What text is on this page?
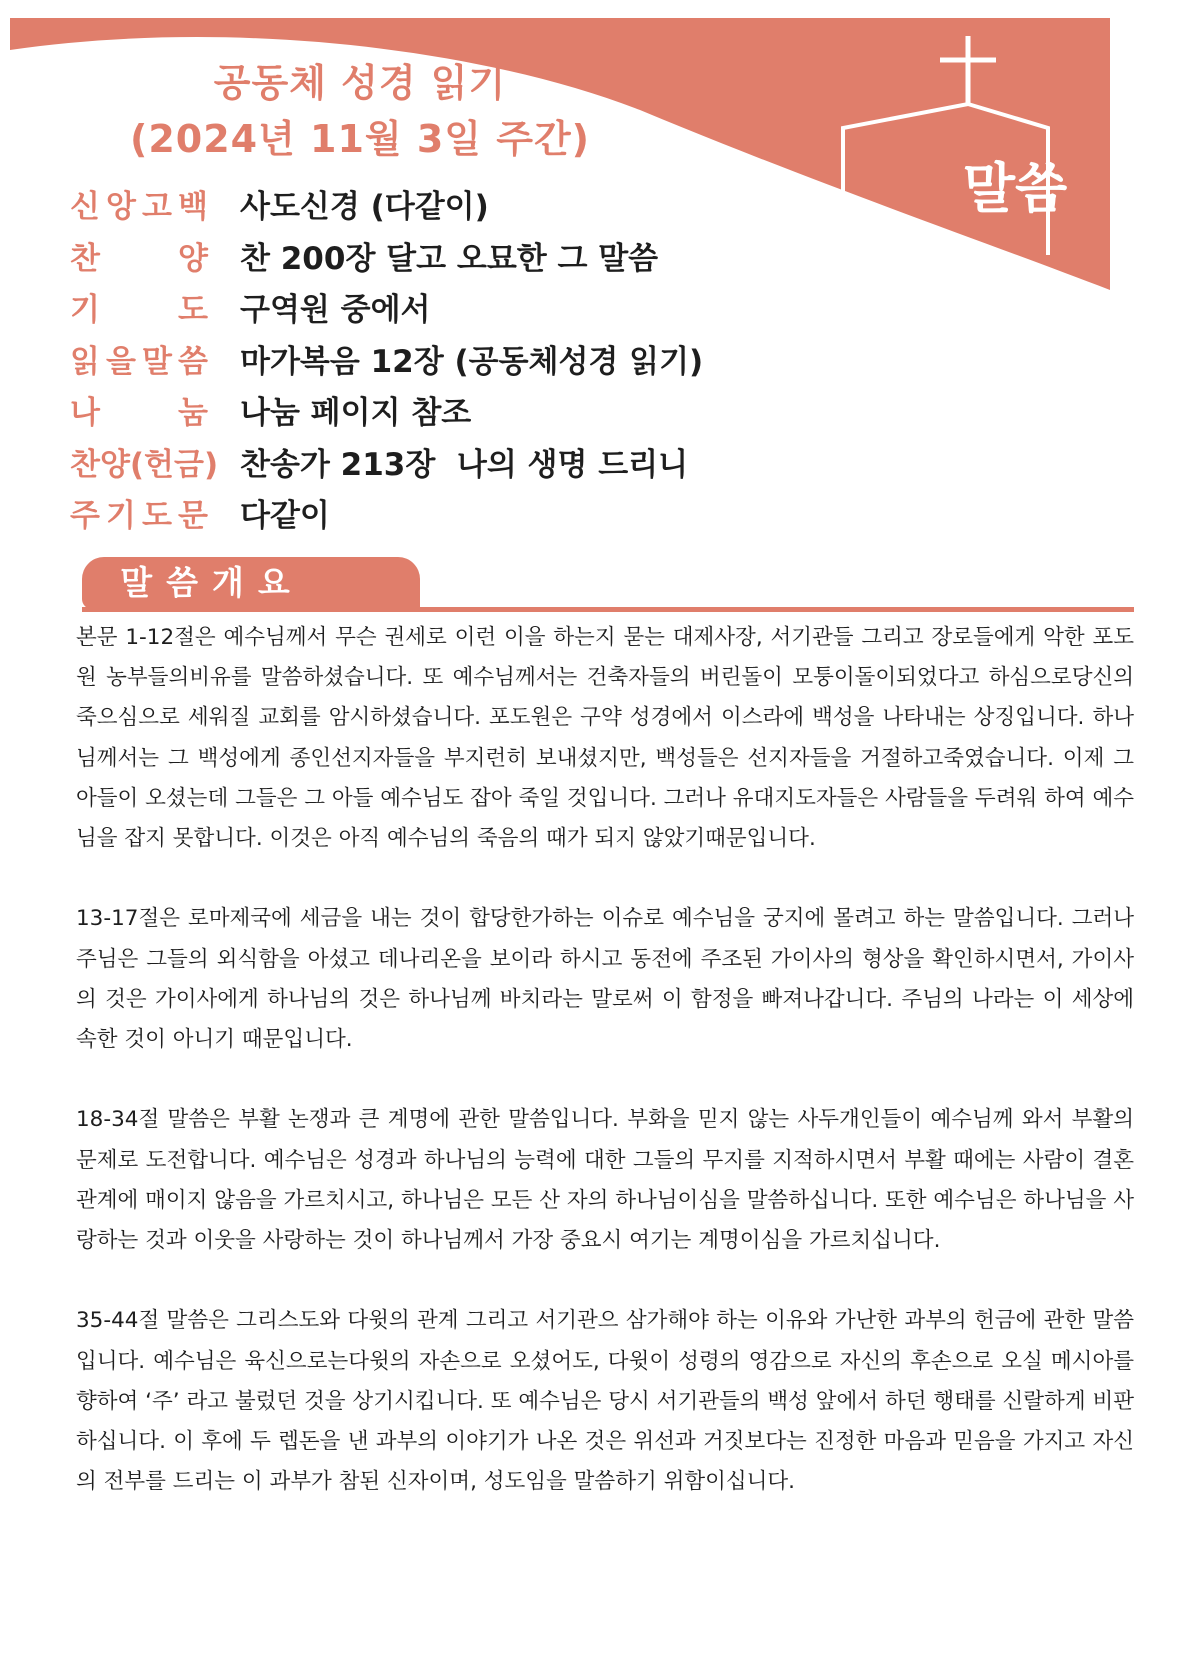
공동체 성경 읽기
(2024년 11월 3일 주간)
말씀
신 앙 고 백 사도신경 (다같이)
찬	양 찬 200장 달고 오묘한 그 말씀
기	도 구역원 중에서
읽 을 말 씀 마가복음 12장 (공동체성경 읽기)
나	눔 나눔 페이지 참조
찬양(헌금) 찬송가 213장  나의 생명 드리니
주 기 도 문 다같이
말씀개요

본문 1-12절은 예수님께서 무슨 권세로 이런 이을 하는지 묻는 대제사장, 서기관들 그리고 장로들에게 악한 포도원 농부들의비유를 말씀하셨습니다. 또 예수님께서는 건축자들의 버린돌이 모퉁이돌이되었다고 하심으로당신의 죽으심으로 세워질 교회를 암시하셨습니다. 포도원은 구약 성경에서 이스라에 백성을 나타내는 상징입니다. 하나님께서는 그 백성에게 종인선지자들을 부지런히 보내셨지만, 백성들은 선지자들을 거절하고죽였습니다. 이제 그 아들이 오셨는데 그들은 그 아들 예수님도 잡아 죽일 것입니다. 그러나 유대지도자들은 사람들을 두려워 하여 예수님을 잡지 못합니다. 이것은 아직 예수님의 죽음의 때가 되지 않았기때문입니다.

13-17절은 로마제국에 세금을 내는 것이 합당한가하는 이슈로 예수님을 궁지에 몰려고 하는 말씀입니다. 그러나 주님은 그들의 외식함을 아셨고 데나리온을 보이라 하시고 동전에 주조된 가이사의 형상을 확인하시면서, 가이사의 것은 가이사에게 하나님의 것은 하나님께 바치라는 말로써 이 함정을 빠져나갑니다. 주님의 나라는 이 세상에 속한 것이 아니기 때문입니다.

18-34절 말씀은 부활 논쟁과 큰 계명에 관한 말씀입니다. 부화을 믿지 않는 사두개인들이 예수님께 와서 부활의 문제로 도전합니다. 예수님은 성경과 하나님의 능력에 대한 그들의 무지를 지적하시면서 부활 때에는 사람이 결혼관계에 매이지 않음을 가르치시고, 하나님은 모든 산 자의 하나님이심을 말씀하십니다. 또한 예수님은 하나님을 사랑하는 것과 이웃을 사랑하는 것이 하나님께서 가장 중요시 여기는 계명이심을 가르치십니다.

35-44절 말씀은 그리스도와 다윗의 관계 그리고 서기관으 삼가해야 하는 이유와 가난한 과부의 헌금에 관한 말씀입니다. 예수님은 육신으로는다윗의 자손으로 오셨어도, 다윗이 성령의 영감으로 자신의 후손으로 오실 메시아를 향하여 ‘주’ 라고 불렀던 것을 상기시킵니다. 또 예수님은 당시 서기관들의 백성 앞에서 하던 행태를 신랄하게 비판하십니다. 이 후에 두 렙돈을 낸 과부의 이야기가 나온 것은 위선과 거짓보다는 진정한 마음과 믿음을 가지고 자신의 전부를 드리는 이 과부가 참된 신자이며, 성도임을 말씀하기 위함이십니다.
